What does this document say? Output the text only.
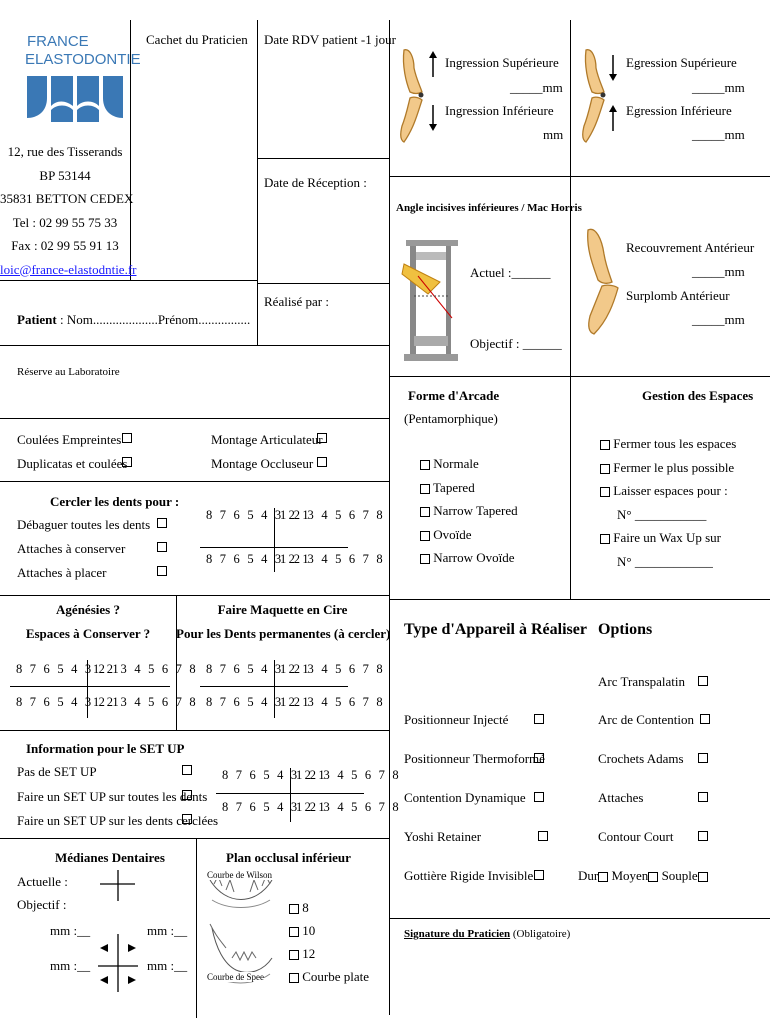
FRANCE
ELASTODONTIE
12, rue des Tisserands
BP 53144
35831 BETTON CEDEX
Tel : 02 99 55 75 33
Fax : 02 99 55 91 13
loic@france-elastodntie.fr
Cachet du Praticien Date RDV patient -1 jour
Date de Réception :
Réalisé par :
Patient : Nom....................Prénom................
Ingression Supérieure
_____mm
Ingression Inférieure
mm
Egression Supérieure
_____mm
Egression Inférieure
_____mm
Angle incisives inférieures / Mac Horris
Actuel :______
Objectif : ______
Recouvrement Antérieur
_____mm
Surplomb Antérieur
_____mm
Réserve au Laboratoire
Coulées Empreintes
Duplicatas et coulées
Montage Articulateur
Montage Occluseur
Cercler les dents pour :
Débaguer toutes les dents
Attaches à conserver
Attaches à placer
8 7 6 5 4 3 2 1
1 2 3 4 5 6 7 8
8 7 6 5 4 3 2 1
1 2 3 4 5 6 7 8
Forme d'Arcade
(Pentamorphique)
Normale
Tapered
Narrow Tapered
Ovoïde
Narrow Ovoïde
Gestion des Espaces
Fermer tous les espaces
Fermer le plus possible
Laisser espaces pour :
N° ___________
Faire un Wax Up sur
N° ____________
Agénésies ?
Espaces à Conserver ?
8 7 6 5 4 3 2 1
1 2 3 4 5 6 7 8
8 7 6 5 4 3 2 1
1 2 3 4 5 6 7 8
Faire Maquette en Cire
Pour les Dents permanentes (à cercler)
8 7 6 5 4 3 2 1
1 2 3 4 5 6 7 8
8 7 6 5 4 3 2 1
1 2 3 4 5 6 7 8
Information pour le SET UP
Pas de SET UP
Faire un SET UP sur toutes les dents
Faire un SET UP sur les dents cerclées
8 7 6 5 4 3 2 1
1 2 3 4 5 6 7 8
8 7 6 5 4 3 2 1
1 2 3 4 5 6 7 8
Médianes Dentaires
Actuelle :
Objectif :
mm :__	mm :__
mm :__	mm :__
Plan occlusal inférieur
Courbe de Wilson
Courbe de Spee
8
10
12
Courbe plate
Type d'Appareil à Réaliser
Positionneur Injecté
Positionneur Thermoformé
Contention Dynamique
Yoshi Retainer
Gottière Rigide Invisible
Options
Arc Transpalatin
Arc de Contention
Crochets Adams
Attaches
Contour Court
Dur Moyen Souple
Signature du Praticien (Obligatoire)
